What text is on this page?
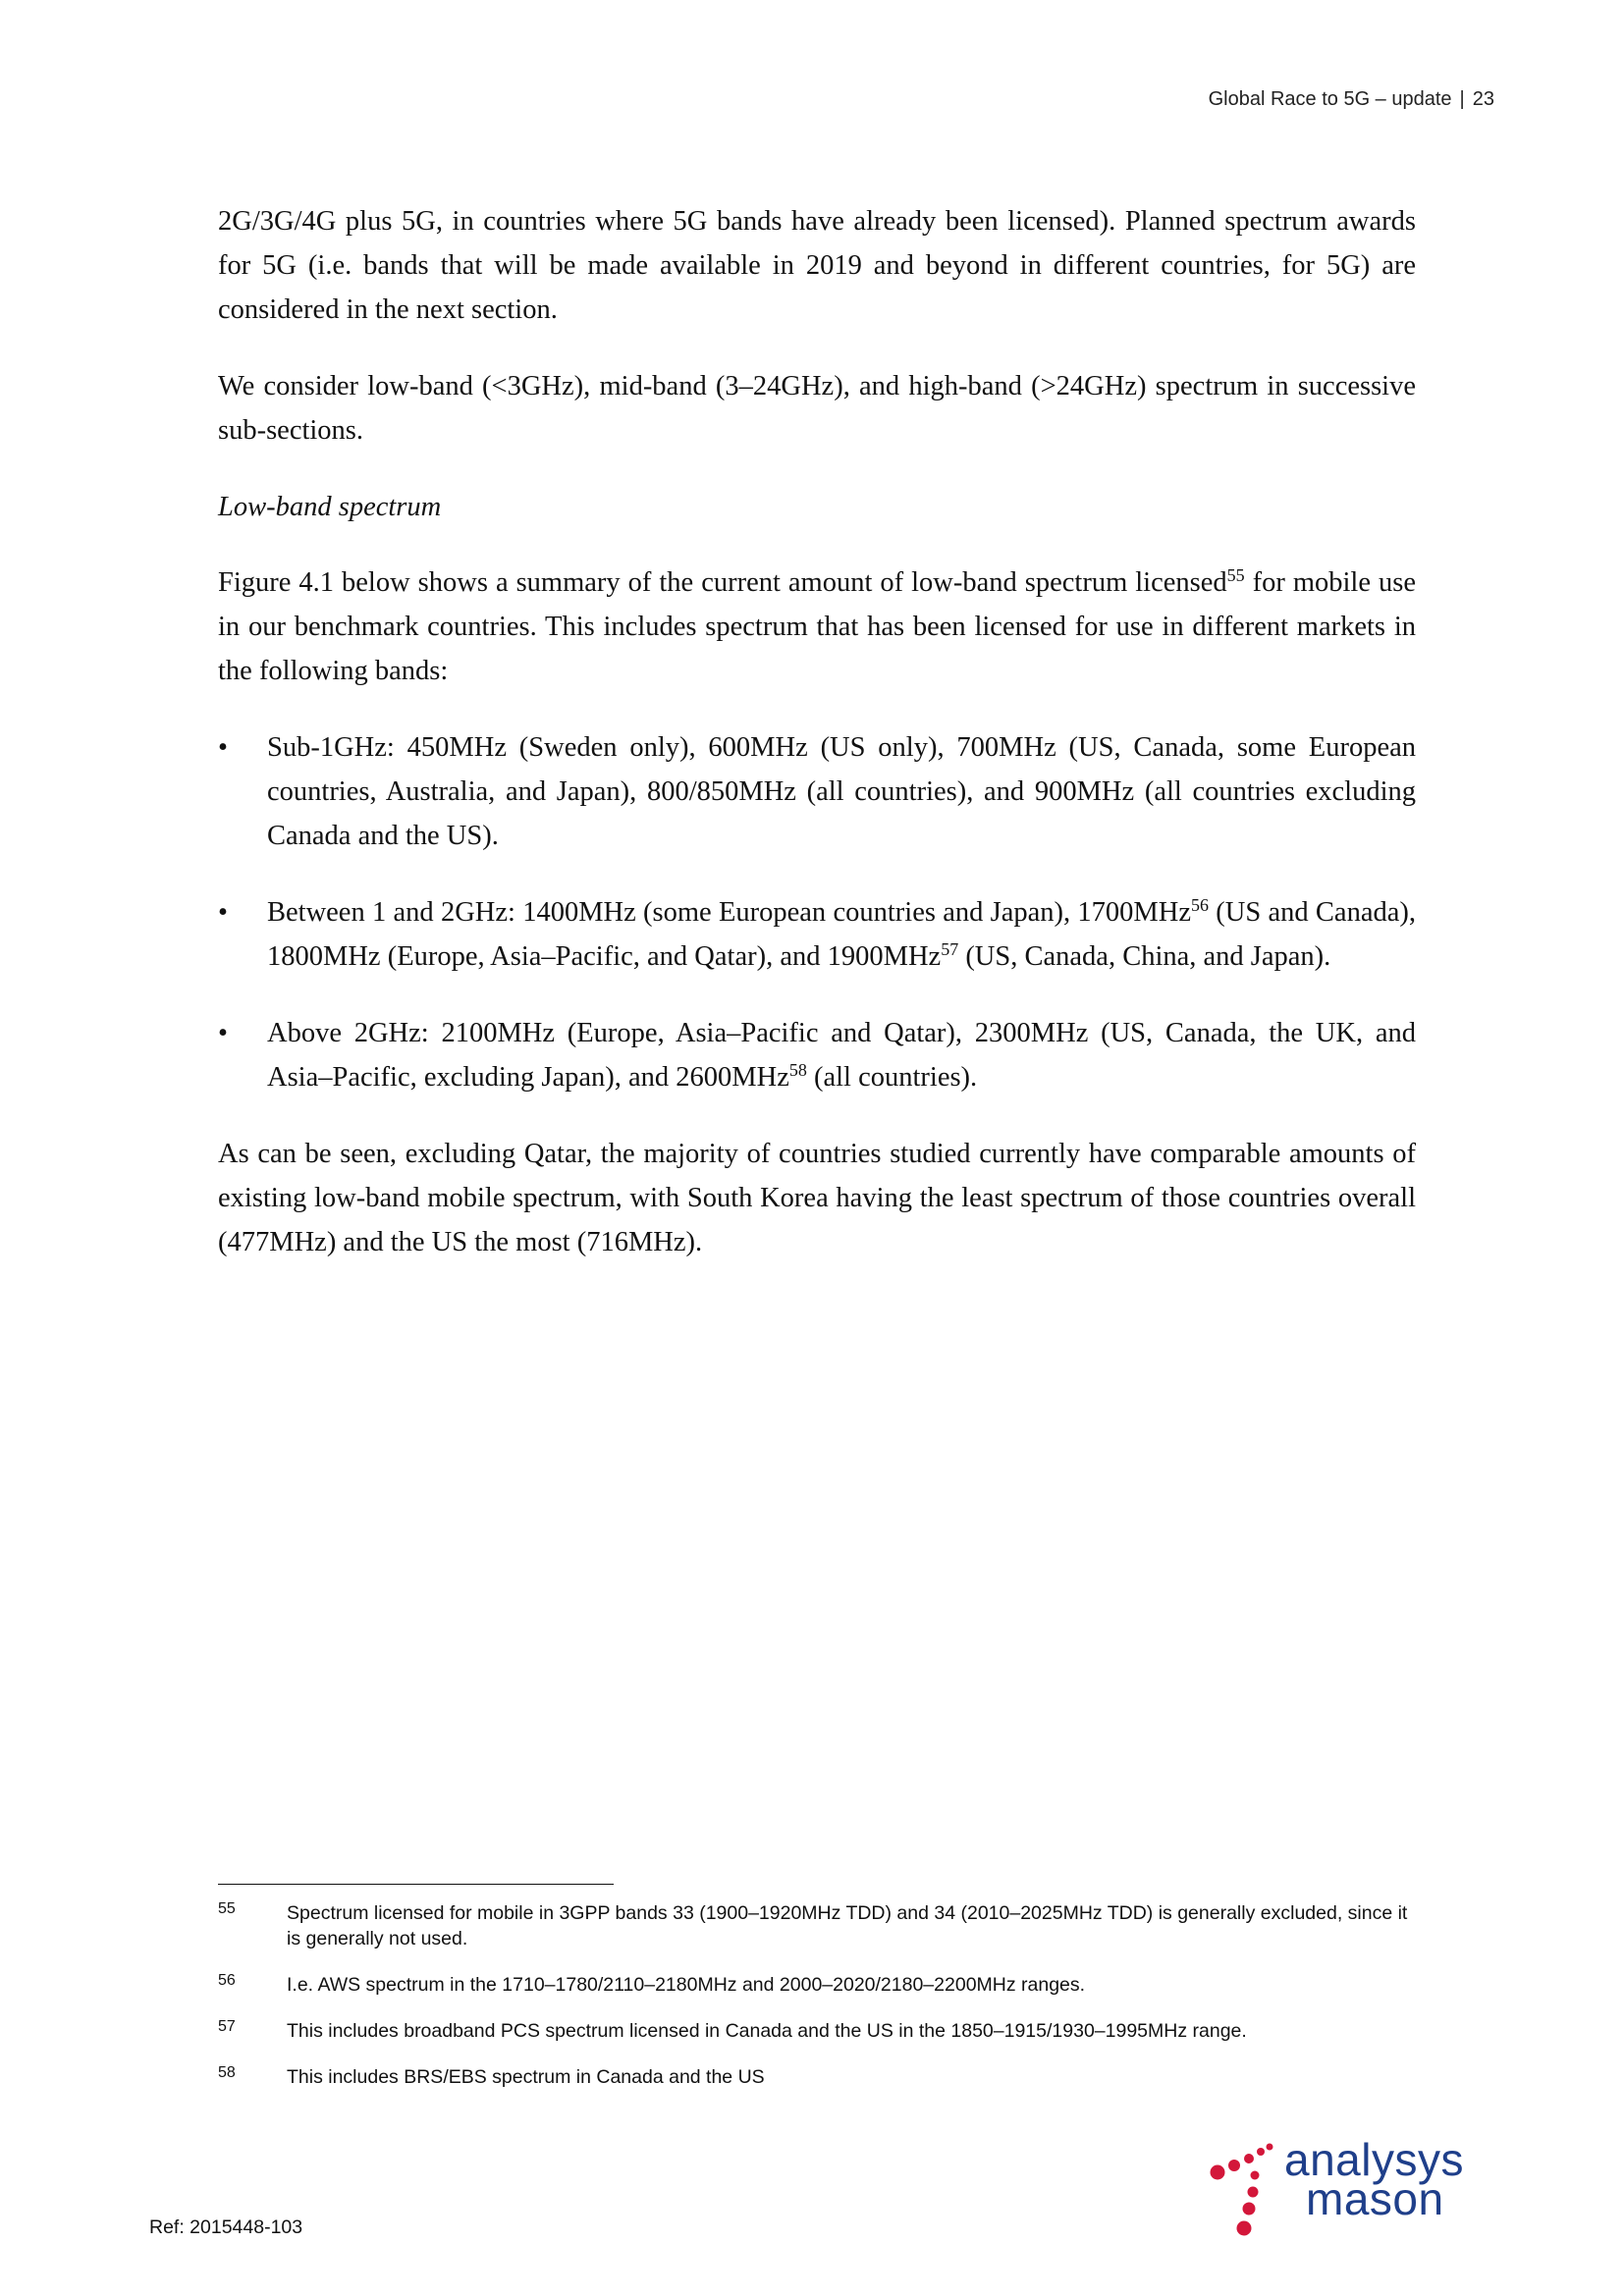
Global Race to 5G – update | 23

2G/3G/4G plus 5G, in countries where 5G bands have already been licensed). Planned spectrum awards for 5G (i.e. bands that will be made available in 2019 and beyond in different countries, for 5G) are considered in the next section.

We consider low-band (<3GHz), mid-band (3–24GHz), and high-band (>24GHz) spectrum in successive sub-sections.

Low-band spectrum

Figure 4.1 below shows a summary of the current amount of low-band spectrum licensed$^{55}$ for mobile use in our benchmark countries. This includes spectrum that has been licensed for use in different markets in the following bands:

• Sub-1GHz: 450MHz (Sweden only), 600MHz (US only), 700MHz (US, Canada, some European countries, Australia, and Japan), 800/850MHz (all countries), and 900MHz (all countries excluding Canada and the US).
• Between 1 and 2GHz: 1400MHz (some European countries and Japan), 1700MHz$^{56}$ (US and Canada), 1800MHz (Europe, Asia–Pacific, and Qatar), and 1900MHz$^{57}$ (US, Canada, China, and Japan).
• Above 2GHz: 2100MHz (Europe, Asia–Pacific and Qatar), 2300MHz (US, Canada, the UK, and Asia–Pacific, excluding Japan), and 2600MHz$^{58}$ (all countries).

As can be seen, excluding Qatar, the majority of countries studied currently have comparable amounts of existing low-band mobile spectrum, with South Korea having the least spectrum of those countries overall (477MHz) and the US the most (716MHz).

55	Spectrum licensed for mobile in 3GPP bands 33 (1900–1920MHz TDD) and 34 (2010–2025MHz TDD) is generally excluded, since it is generally not used.
56	I.e. AWS spectrum in the 1710–1780/2110–2180MHz and 2000–2020/2180–2200MHz ranges.
57	This includes broadband PCS spectrum licensed in Canada and the US in the 1850–1915/1930–1995MHz range.
58	This includes BRS/EBS spectrum in Canada and the US
Ref: 2015448-103
analysys
mason
